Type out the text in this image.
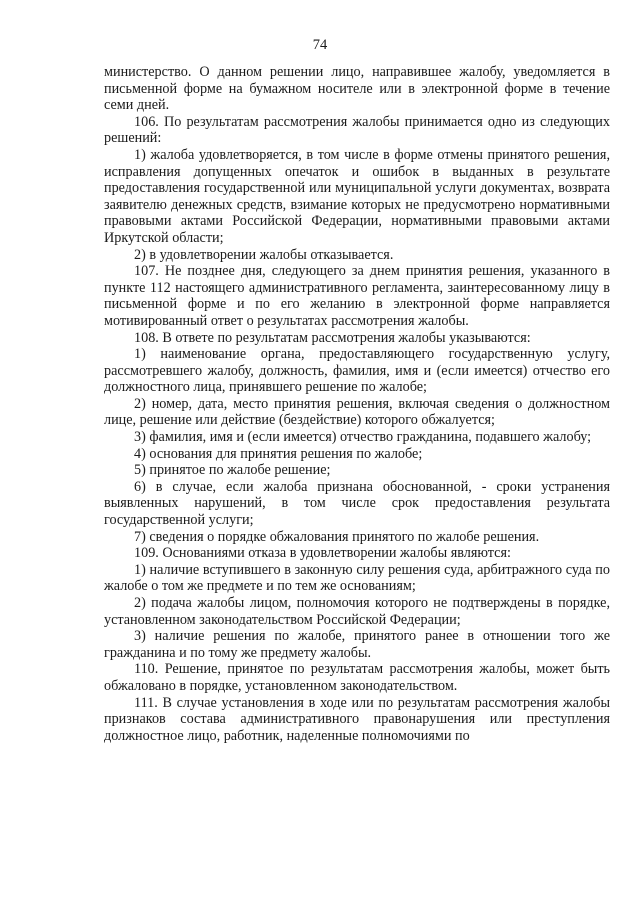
74

министерство. О данном решении лицо, направившее жалобу, уведомляется в письменной форме на бумажном носителе или в электронной форме в течение семи дней.

106. По результатам рассмотрения жалобы принимается одно из следующих решений:

1) жалоба удовлетворяется, в том числе в форме отмены принятого решения, исправления допущенных опечаток и ошибок в выданных в результате предоставления государственной или муниципальной услуги документах, возврата заявителю денежных средств, взимание которых не предусмотрено нормативными правовыми актами Российской Федерации, нормативными правовыми актами Иркутской области;

2) в удовлетворении жалобы отказывается.

107. Не позднее дня, следующего за днем принятия решения, указанного в пункте 112 настоящего административного регламента, заинтересованному лицу в письменной форме и по его желанию в электронной форме направляется мотивированный ответ о результатах рассмотрения жалобы.

108. В ответе по результатам рассмотрения жалобы указываются:

1) наименование органа, предоставляющего государственную услугу, рассмотревшего жалобу, должность, фамилия, имя и (если имеется) отчество его должностного лица, принявшего решение по жалобе;

2) номер, дата, место принятия решения, включая сведения о должностном лице, решение или действие (бездействие) которого обжалуется;

3) фамилия, имя и (если имеется) отчество гражданина, подавшего жалобу;

4) основания для принятия решения по жалобе;

5) принятое по жалобе решение;

6) в случае, если жалоба признана обоснованной, - сроки устранения выявленных нарушений, в том числе срок предоставления результата государственной услуги;

7) сведения о порядке обжалования принятого по жалобе решения.

109. Основаниями отказа в удовлетворении жалобы являются:

1) наличие вступившего в законную силу решения суда, арбитражного суда по жалобе о том же предмете и по тем же основаниям;

2) подача жалобы лицом, полномочия которого не подтверждены в порядке, установленном законодательством Российской Федерации;

3) наличие решения по жалобе, принятого ранее в отношении того же гражданина и по тому же предмету жалобы.

110. Решение, принятое по результатам рассмотрения жалобы, может быть обжаловано в порядке, установленном законодательством.

111. В случае установления в ходе или по результатам рассмотрения жалобы признаков состава административного правонарушения или преступления должностное лицо, работник, наделенные полномочиями по
